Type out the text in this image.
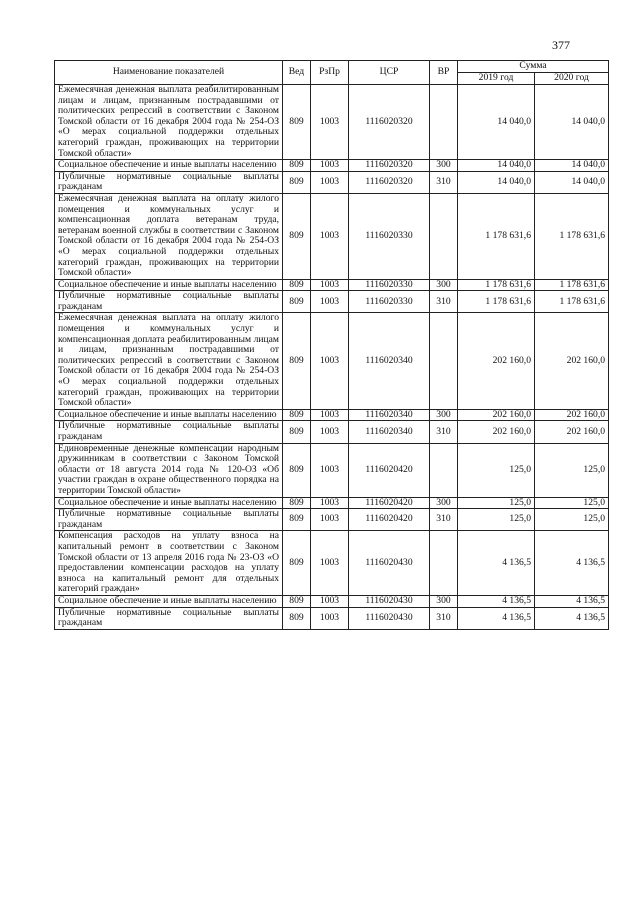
377
Наименование показателей	Вед	РзПр	ЦСР	ВР	Сумма	
					2019 год	2020 год
Ежемесячная денежная выплата реабилитированным лицам и лицам, признанным пострадавшими от политических репрессий в соответствии с Законом Томской области от 16 декабря 2004 года № 254-ОЗ «О мерах социальной поддержки отдельных категорий граждан, проживающих на территории Томской области»	809	1003	1116020320		14 040,0	14 040,0
Социальное обеспечение и иные выплаты населению	809	1003	1116020320	300	14 040,0	14 040,0
Публичные нормативные социальные выплаты гражданам	809	1003	1116020320	310	14 040,0	14 040,0
Ежемесячная денежная выплата на оплату жилого помещения и коммунальных услуг и компенсационная доплата ветеранам труда, ветеранам военной службы в соответствии с Законом Томской области от 16 декабря 2004 года № 254-ОЗ «О мерах социальной поддержки отдельных категорий граждан, проживающих на территории Томской области»	809	1003	1116020330		1 178 631,6	1 178 631,6
Социальное обеспечение и иные выплаты населению	809	1003	1116020330	300	1 178 631,6	1 178 631,6
Публичные нормативные социальные выплаты гражданам	809	1003	1116020330	310	1 178 631,6	1 178 631,6
Ежемесячная денежная выплата на оплату жилого помещения и коммунальных услуг и компенсационная доплата реабилитированным лицам и лицам, признанным пострадавшими от политических репрессий в соответствии с Законом Томской области от 16 декабря 2004 года № 254-ОЗ «О мерах социальной поддержки отдельных категорий граждан, проживающих на территории Томской области»	809	1003	1116020340		202 160,0	202 160,0
Социальное обеспечение и иные выплаты населению	809	1003	1116020340	300	202 160,0	202 160,0
Публичные нормативные социальные выплаты гражданам	809	1003	1116020340	310	202 160,0	202 160,0
Единовременные денежные компенсации народным дружинникам в соответствии с Законом Томской области от 18 августа 2014 года № 120-ОЗ «Об участии граждан в охране общественного порядка на территории Томской области»	809	1003	1116020420		125,0	125,0
Социальное обеспечение и иные выплаты населению	809	1003	1116020420	300	125,0	125,0
Публичные нормативные социальные выплаты гражданам	809	1003	1116020420	310	125,0	125,0
Компенсация расходов на уплату взноса на капитальный ремонт в соответствии с Законом Томской области от 13 апреля 2016 года № 23-ОЗ «О предоставлении компенсации расходов на уплату взноса на капитальный ремонт для отдельных категорий граждан»	809	1003	1116020430		4 136,5	4 136,5
Социальное обеспечение и иные выплаты населению	809	1003	1116020430	300	4 136,5	4 136,5
Публичные нормативные социальные выплаты гражданам	809	1003	1116020430	310	4 136,5	4 136,5
